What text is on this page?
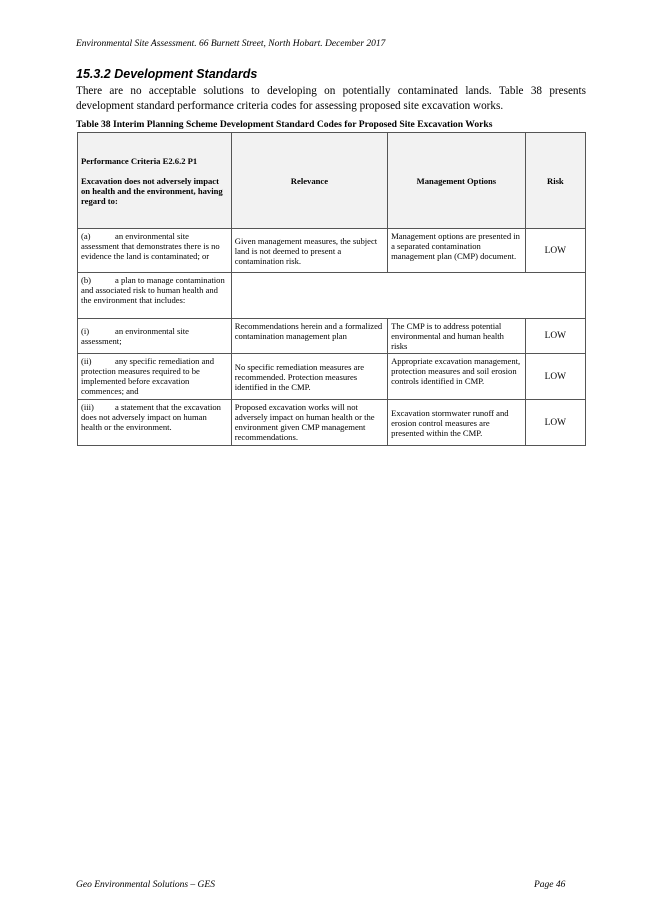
Environmental Site Assessment. 66 Burnett Street, North Hobart. December 2017
15.3.2 Development Standards
There are no acceptable solutions to developing on potentially contaminated lands. Table 38 presents development standard performance criteria codes for assessing proposed site excavation works.
Table 38 Interim Planning Scheme Development Standard Codes for Proposed Site Excavation Works
Performance Criteria E2.6.2 P1
Excavation does not adversely impact on health and the environment, having regard to:	Relevance	Management Options	Risk
(a) an environmental site assessment that demonstrates there is no evidence the land is contaminated; or	Given management measures, the subject land is not deemed to present a contamination risk.	Management options are presented in a separated contamination management plan (CMP) document.	LOW
(b) a plan to manage contamination and associated risk to human health and the environment that includes:			
(i) an environmental site assessment;	Recommendations herein and a formalized contamination management plan	The CMP is to address potential environmental and human health risks	LOW
(ii) any specific remediation and protection measures required to be implemented before excavation commences; and	No specific remediation measures are recommended. Protection measures identified in the CMP.	Appropriate excavation management, protection measures and soil erosion controls identified in CMP.	LOW
(iii) a statement that the excavation does not adversely impact on human health or the environment.	Proposed excavation works will not adversely impact on human health or the environment given CMP management recommendations.	Excavation stormwater runoff and erosion control measures are presented within the CMP.	LOW
Geo Environmental Solutions – GES	Page 46
